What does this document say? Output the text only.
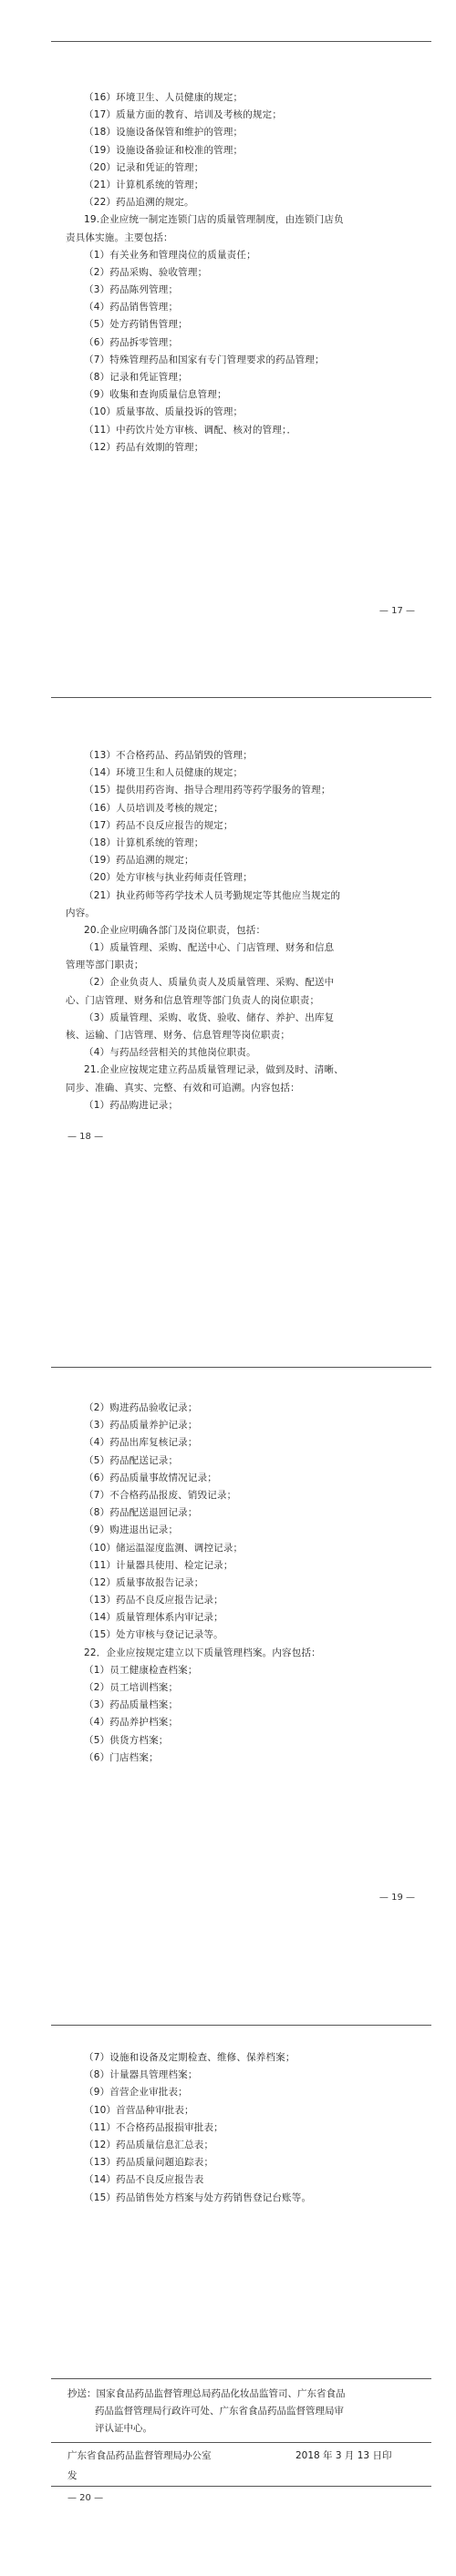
（16）环境卫生、人员健康的规定；
（17）质量方面的教育、培训及考核的规定；
（18）设施设备保管和维护的管理；
（19）设施设备验证和校准的管理；
（20）记录和凭证的管理；
（21）计算机系统的管理；
（22）药品追溯的规定。
19.企业应统一制定连锁门店的质量管理制度，由连锁门店负
责具体实施。主要包括：
（1）有关业务和管理岗位的质量责任；
（2）药品采购、验收管理；
（3）药品陈列管理；
（4）药品销售管理；
（5）处方药销售管理；
（6）药品拆零管理；
（7）特殊管理药品和国家有专门管理要求的药品管理；
（8）记录和凭证管理；
（9）收集和查询质量信息管理；
（10）质量事故、质量投诉的管理；
（11）中药饮片处方审核、调配、核对的管理；．
（12）药品有效期的管理；
— 17 —
（13）不合格药品、药品销毁的管理；
（14）环境卫生和人员健康的规定；
（15）提供用药咨询、指导合理用药等药学服务的管理；
（16）人员培训及考核的规定；
（17）药品不良反应报告的规定；
（18）计算机系统的管理；
（19）药品追溯的规定；
（20）处方审核与执业药师责任管理；
（21）执业药师等药学技术人员考勤规定等其他应当规定的
内容。
20.企业应明确各部门及岗位职责，包括：
（1）质量管理、采购、配送中心、门店管理、财务和信息
管理等部门职责；
（2）企业负责人、质量负责人及质量管理、采购、配送中
心、门店管理、财务和信息管理等部门负责人的岗位职责；
（3）质量管理、采购、收货、验收、储存、养护、出库复
核、运输、门店管理、财务、信息管理等岗位职责；
（4）与药品经营相关的其他岗位职责。
21.企业应按规定建立药品质量管理记录，做到及时、清晰、
同步、准确、真实、完整、有效和可追溯。内容包括：
（1）药品购进记录；
— 18 —
（2）购进药品验收记录；
（3）药品质量养护记录；
（4）药品出库复核记录；
（5）药品配送记录；
（6）药品质量事故情况记录；
（7）不合格药品报废、销毁记录；
（8）药品配送退回记录；
（9）购进退出记录；
（10）储运温湿度监测、调控记录；
（11）计量器具使用、检定记录；
（12）质量事故报告记录；
（13）药品不良反应报告记录；
（14）质量管理体系内审记录；
（15）处方审核与登记记录等。
22．企业应按规定建立以下质量管理档案。内容包括：
（1）员工健康检查档案；
（2）员工培训档案；
（3）药品质量档案；
（4）药品养护档案；
（5）供货方档案；
（6）门店档案；
— 19 —
（7）设施和设备及定期检查、维修、保养档案；
（8）计量器具管理档案；
（9）首营企业审批表；
（10）首营品种审批表；
（11）不合格药品报损审批表；
（12）药品质量信息汇总表；
（13）药品质量问题追踪表；
（14）药品不良反应报告表
（15）药品销售处方档案与处方药销售登记台账等。
抄送：国家食品药品监督管理总局药品化妆品监管司、广东省食品
药品监督管理局行政许可处、广东省食品药品监督管理局审
评认证中心。
广东省食品药品监督管理局办公室	2018 年 3 月 13 日印
发
— 20 —
